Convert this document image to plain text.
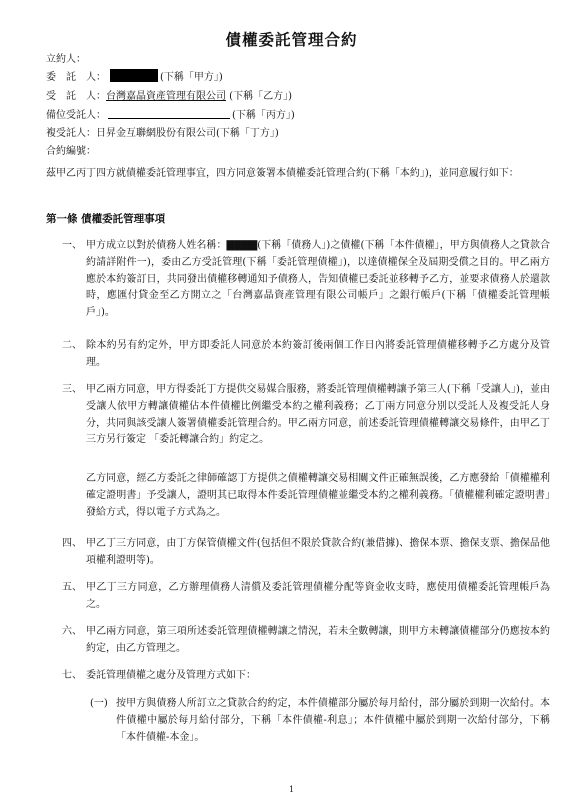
債權委託管理合約
立約人：
委　託　人：	(下稱「甲方」)
受　託　人：台灣嘉晶資產管理有限公司 (下稱「乙方」)
備位受託人：	(下稱「丙方」)
複受託人：日昇金互聯網股份有限公司(下稱「丁方」)
合約編號：
茲甲乙丙丁四方就債權委託管理事宜，四方同意簽署本債權委託管理合約(下稱「本約」)，並同意履行如下：
第一條 債權委託管理事項
一、 甲方成立以對於債務人姓名稱：▇▇▇▇(下稱「債務人」)之債權(下稱「本件債權」，甲方與債務人之貸款合約請詳附件一)，委由乙方受託管理(下稱「委託管理債權」)，以達債權保全及屆期受償之目的。甲乙兩方應於本約簽訂日，共同發出債權移轉通知予債務人，告知債權已委託並移轉予乙方，並要求債務人於還款時，應匯付貸金至乙方開立之「台灣嘉晶資產管理有限公司帳戶」之銀行帳戶(下稱「債權委託管理帳戶」)。
二、 除本約另有約定外，甲方即委託人同意於本約簽訂後兩個工作日內將委託管理債權移轉予乙方處分及管理。
三、 甲乙兩方同意，甲方得委託丁方提供交易媒合服務，將委託管理債權轉讓予第三人(下稱「受讓人」)，並由受讓人依甲方轉讓債權佔本件債權比例繼受本約之權利義務；乙丁兩方同意分別以受託人及複受託人身分，共同與該受讓人簽署債權委託管理合約。甲乙兩方同意，前述委託管理債權轉讓交易條件，由甲乙丁三方另行簽定 「委託轉讓合約」約定之。
乙方同意，經乙方委託之律師確認丁方提供之債權轉讓交易相關文件正確無誤後，乙方應發給「債權權利確定證明書」予受讓人，證明其已取得本件委託管理債權並繼受本約之權利義務。「債權權利確定證明書」發給方式，得以電子方式為之。
四、 甲乙丁三方同意，由丁方保管債權文件(包括但不限於貸款合約(兼借據)、擔保本票、擔保支票、擔保品他項權利證明等)。
五、 甲乙丁三方同意，乙方辦理債務人清償及委託管理債權分配等資金收支時，應使用債權委託管理帳戶為之。
六、 甲乙兩方同意，第三項所述委託管理債權轉讓之情況，若未全數轉讓，則甲方未轉讓債權部分仍應按本約約定，由乙方管理之。
七、 委託管理債權之處分及管理方式如下：
(一) 按甲方與債務人所訂立之貸款合約約定，本件債權部分屬於每月給付，部分屬於到期一次給付。本件債權中屬於每月給付部分，下稱「本件債權-利息」；本件債權中屬於到期一次給付部分，下稱「本件債權-本金」。
1
